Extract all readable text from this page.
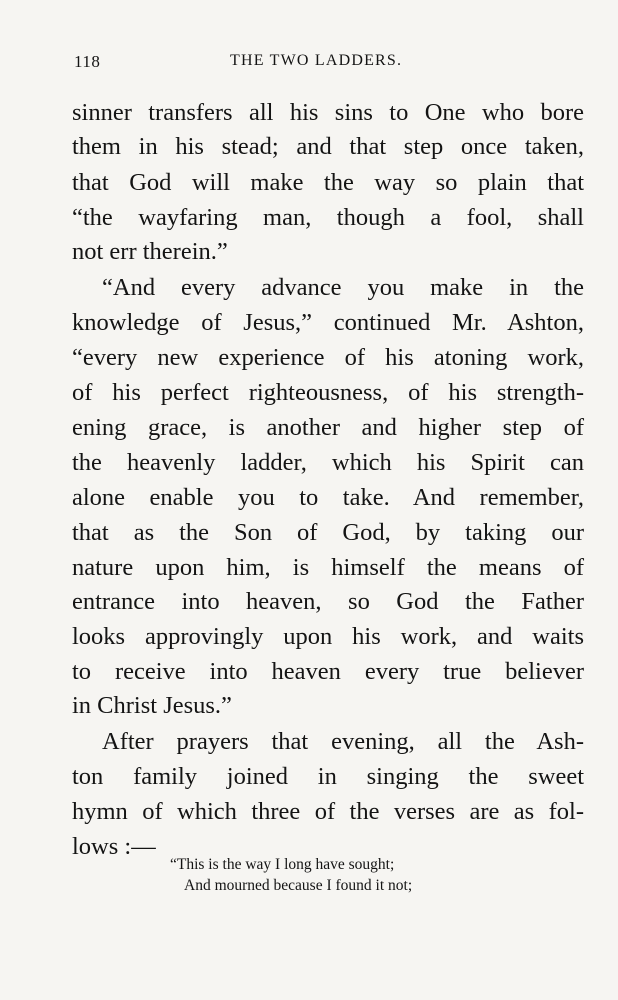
118	THE TWO LADDERS.
sinner transfers all his sins to One who bore
them in his stead; and that step once taken,
that God will make the way so plain that
“the wayfaring man, though a fool, shall
not err therein.”
“And every advance you make in the
knowledge of Jesus,” continued Mr. Ashton,
“every new experience of his atoning work,
of his perfect righteousness, of his strength-
ening grace, is another and higher step of
the heavenly ladder, which his Spirit can
alone enable you to take. And remember,
that as the Son of God, by taking our
nature upon him, is himself the means of
entrance into heaven, so God the Father
looks approvingly upon his work, and waits
to receive into heaven every true believer
in Christ Jesus.”
After prayers that evening, all the Ash-
ton family joined in singing the sweet
hymn of which three of the verses are as fol-
lows :—
“This is the way I long have sought;
And mourned because I found it not;
